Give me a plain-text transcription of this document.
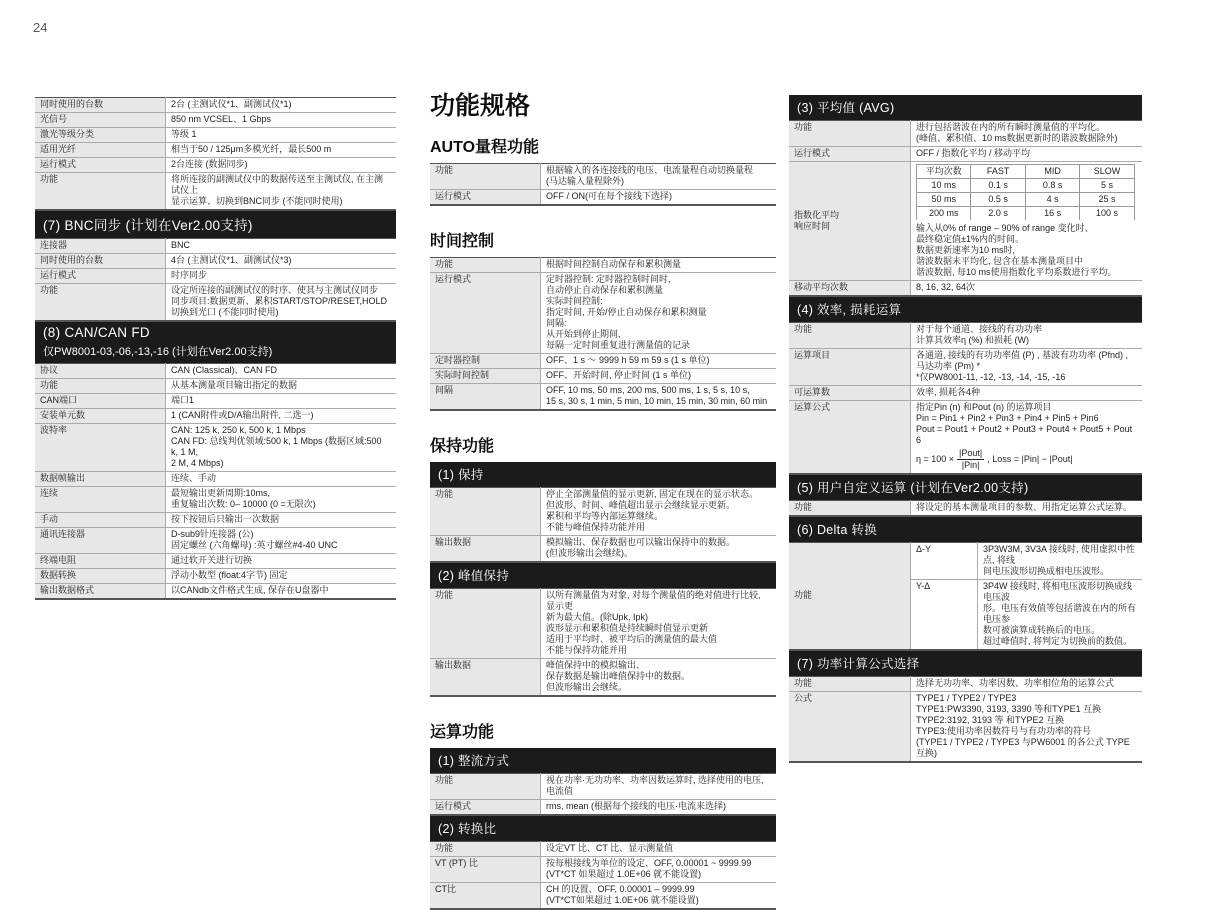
24
同时使用的台数	2台 (主测试仪*1、副测试仪*1)

光信号	850 nm VCSEL、1 Gbps

激光等级分类	等级 1

适用光纤	相当于50 / 125μm多模光纤，最长500 m

运行模式	2台连接 (数据同步)

功能	将所连接的副测试仪中的数据传送至主测试仪, 在主测试仪上
显示运算、切换到BNC同步 (不能同时使用)
(7) BNC同步 (计划在Ver2.00支持)
连接器	BNC

同时使用的台数	4台 (主测试仪*1、副测试仪*3)

运行模式	时序同步

功能	设定所连接的副测试仪的时序、使其与主测试仪同步
同步项目:数据更新、累积START/STOP/RESET,HOLD
切换到光口 (不能同时使用)
(8) CAN/CAN FD
仅PW8001-03,-06,-13,-16 (计划在Ver2.00支持)
协议	CAN (Classical)、CAN FD

功能	从基本测量项目输出指定的数据

CAN端口	端口1

安装单元数	1 (CAN附件或D/A输出附件, 二选一)

波特率	CAN: 125 k, 250 k, 500 k, 1 Mbps
CAN FD: 总线判优领域:500 k, 1 Mbps (数据区域:500 k, 1 M,
2 M, 4 Mbps)

数据帧输出	连续、手动

连续	最短输出更新周期:10ms,
重复输出次数: 0– 10000 (0 =无限次)

手动	按下按钮后只输出一次数据

通讯连接器	D-sub9针连接器 (公)
固定螺丝 (六角螺母) :英寸螺丝#4-40 UNC

终端电阻	通过软开关进行切换

数据转换	浮动小数型 (float:4字节) 固定

输出数据格式	以CANdb文件格式生成, 保存在U盘器中
功能规格
AUTO量程功能
功能	根据输入的各连接线的电压、电流量程自动切换量程
(马达输入量程除外)

运行模式	OFF / ON(可在每个接线下选择)
时间控制
功能	根据时间控制自动保存和累积测量

运行模式	定时器控制: 定时器控制时间时,
自动停止自动保存和累积测量
实际时间控制:
指定时间, 开始/停止自动保存和累积测量
间隔:
从开始到停止期间,
每隔一定时间重复进行测量值的记录

定时器控制	OFF、1 s ～ 9999 h 59 m 59 s (1 s 单位)

实际时间控制	OFF、开始时间, 停止时间 (1 s 单位)

间隔	OFF, 10 ms, 50 ms, 200 ms, 500 ms, 1 s, 5 s, 10 s,
15 s, 30 s, 1 min, 5 min, 10 min, 15 min, 30 min, 60 min
保持功能
(1) 保持
功能	停止全部测量值的显示更新, 固定在现在的显示状态。
但波形、时间、峰值超出显示会继续显示更新。
累积和平均等内部运算继续。
不能与峰值保持功能并用

输出数据	模拟输出、保存数据也可以输出保持中的数据。
(但波形输出会继续)。
(2) 峰值保持
功能	以所有测量值为对象, 对每个测量值的绝对值进行比较, 显示更
新为最大值。(除Upk, Ipk)
波形显示和累积值是持续瞬时值显示更新
适用于平均时、被平均后的测量值的最大值
不能与保持功能并用

输出数据	峰值保持中的模拟输出、
保存数据是输出峰值保持中的数据。
但波形输出会继续。
运算功能
(1) 整流方式
功能	视在功率·无功功率、功率因数运算时, 选择使用的电压,
电流值

运行模式	rms, mean (根据每个接线的电压·电流来选择)
(2) 转换比
功能	设定VT 比、CT 比、显示测量值

VT (PT) 比	按每根接线为单位的设定、OFF, 0.00001 ~ 9999.99
(VT*CT 如果超过 1.0E+06 就不能设置)

CT比	CH 的设置、OFF, 0.00001 – 9999.99
(VT*CT如果超过 1.0E+06 就不能设置)
(3) 平均值 (AVG)
功能	进行包括谐波在内的所有瞬时测量值的平均化。
(峰值、累积值、10 ms数据更新时的谐波数据除外)

运行模式	OFF / 指数化平均 / 移动平均

指数化平均
响应时间

平均次数	FAST	MID	SLOW
10 ms	0.1 s	0.8 s	5 s
50 ms	0.5 s	4 s	25 s
200 ms	2.0 s	16 s	100 s
输入从0% of range – 90% of range 变化时、
最终稳定值±1%内的时间。
数据更新速率为10 ms时,
谐波数据未平均化, 包含在基本测量项目中
谐波数据, 每10 ms使用指数化平均系数进行平均。

移动平均次数	8, 16, 32, 64次
(4) 效率, 损耗运算
功能	对于每个通道、接线的有功功率
计算其效率η (%) 和损耗 (W)

运算项目	各通道, 接线的有功功率值 (P) , 基波有功功率 (Pfnd) ,
马达功率 (Pm) *
*仅PW8001-11, -12, -13, -14, -15, -16

可运算数	效率, 损耗各4种

运算公式	指定Pin (n) 和Pout (n) 的运算项目
Pin = Pin1 + Pin2 + Pin3 + Pin4 + Pin5 + Pin6
Pout = Pout1 + Pout2 + Pout3 + Pout4 + Pout5 + Pout6
$\eta = 100 \times \frac{\text{|Pout|}}{\text{|Pin|}}$ , Loss = |Pin| − |Pout|
(5) 用户自定义运算 (计划在Ver2.00支持)
功能	将设定的基本测量项目的参数、用指定运算公式运算。
(6) Delta 转换
功能	Δ-Y	3P3W3M, 3V3A 接线时, 使用虚拟中性点, 将线
间电压波形切换成相电压波形。

	Y-Δ	3P4W 接线时, 将相电压波形切换成线电压波
形。电压有效值等包括谐波在内的所有电压参
数可被演算成转换后的电压。
超过峰值时, 将判定为切换前的数值。
(7) 功率计算公式选择
功能	选择无功功率、功率因数、功率相位角的运算公式

公式	TYPE1 / TYPE2 / TYPE3
TYPE1:PW3390, 3193, 3390 等和TYPE1 互换
TYPE2:3192, 3193 等 和TYPE2 互换
TYPE3:使用功率因数符号与有功功率的符号
(TYPE1 / TYPE2 / TYPE3 与PW6001 的各公式 TYPE 互换)
